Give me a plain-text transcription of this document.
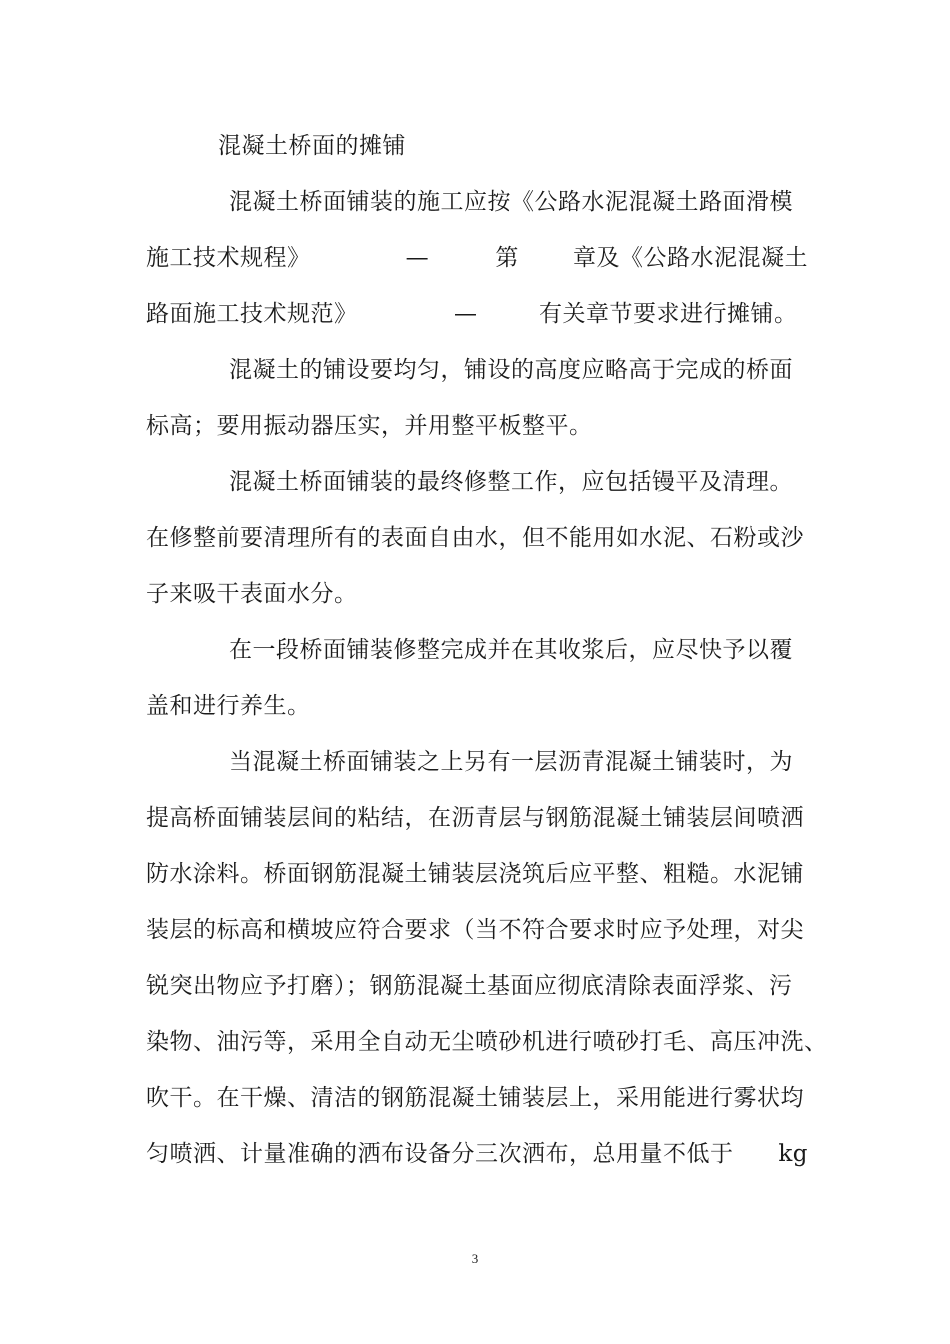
混凝土桥面的摊铺
混凝土桥面铺装的施工应按《公路水泥混凝土路面滑模
施工技术规程》	—	第	章及《公路水泥混凝土
路面施工技术规范》	—	有关章节要求进行摊铺。
混凝土的铺设要均匀，铺设的高度应略高于完成的桥面
标高；要用振动器压实，并用整平板整平。
混凝土桥面铺装的最终修整工作，应包括镘平及清理。
在修整前要清理所有的表面自由水，但不能用如水泥、石粉或沙
子来吸干表面水分。
在一段桥面铺装修整完成并在其收浆后，应尽快予以覆
盖和进行养生。
当混凝土桥面铺装之上另有一层沥青混凝土铺装时，为
提高桥面铺装层间的粘结，在沥青层与钢筋混凝土铺装层间喷洒
防水涂料。桥面钢筋混凝土铺装层浇筑后应平整、粗糙。水泥铺
装层的标高和横坡应符合要求（当不符合要求时应予处理，对尖
锐突出物应予打磨）；钢筋混凝土基面应彻底清除表面浮浆、污
染物、油污等，采用全自动无尘喷砂机进行喷砂打毛、高压冲洗、
吹干。在干燥、清洁的钢筋混凝土铺装层上，采用能进行雾状均
匀喷洒、计量准确的洒布设备分三次洒布，总用量不低于 kg
3
